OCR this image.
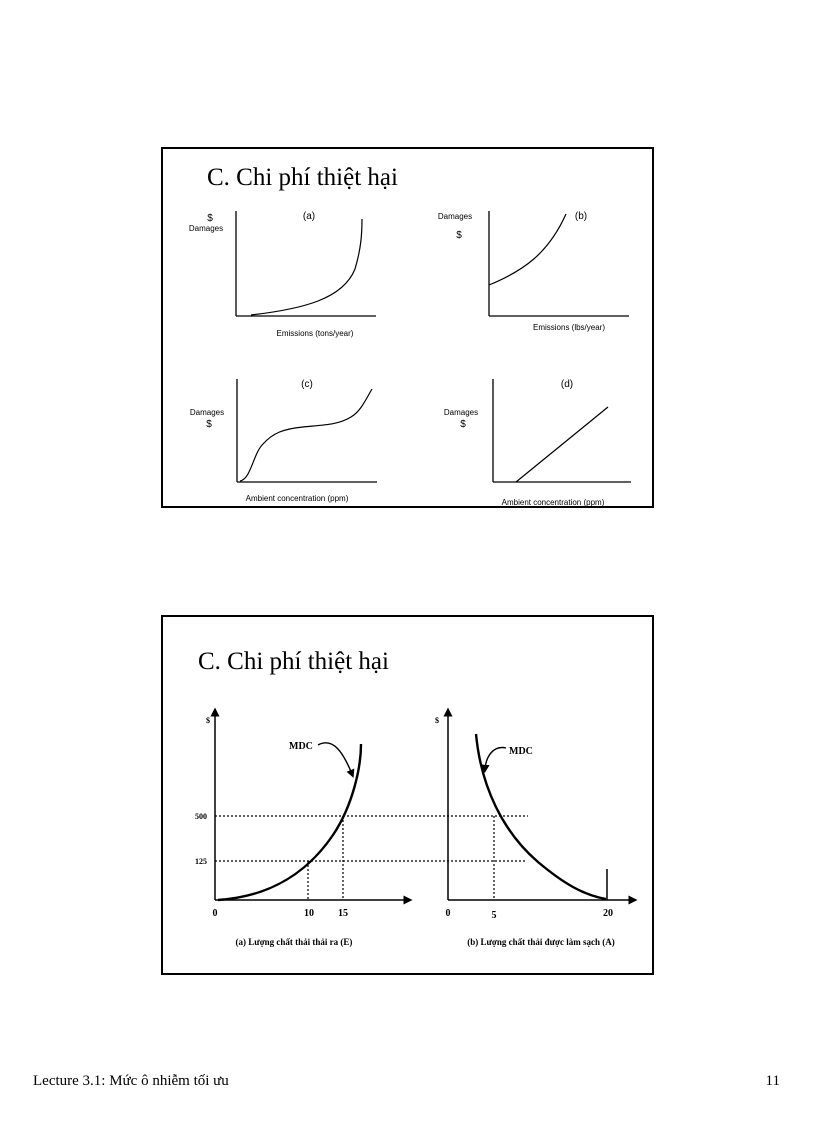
C. Chi phí thiệt hại
$
Damages
(a)
Emissions (tons/year)
Damages
$
(b)
Emissions (lbs/year)
(c)
Damages
$
Ambient concentration (ppm)
(d)
Damages
$
Ambient concentration (ppm)
C. Chi phí thiệt hại
$
MDC
500
125
0	10 15
(a) Lượng chất thải thải ra (E)
$
MDC
0	5	20
(b) Lượng chất thải được làm sạch (A)
Lecture 3.1: Mức ô nhiễm tối ưu	11
